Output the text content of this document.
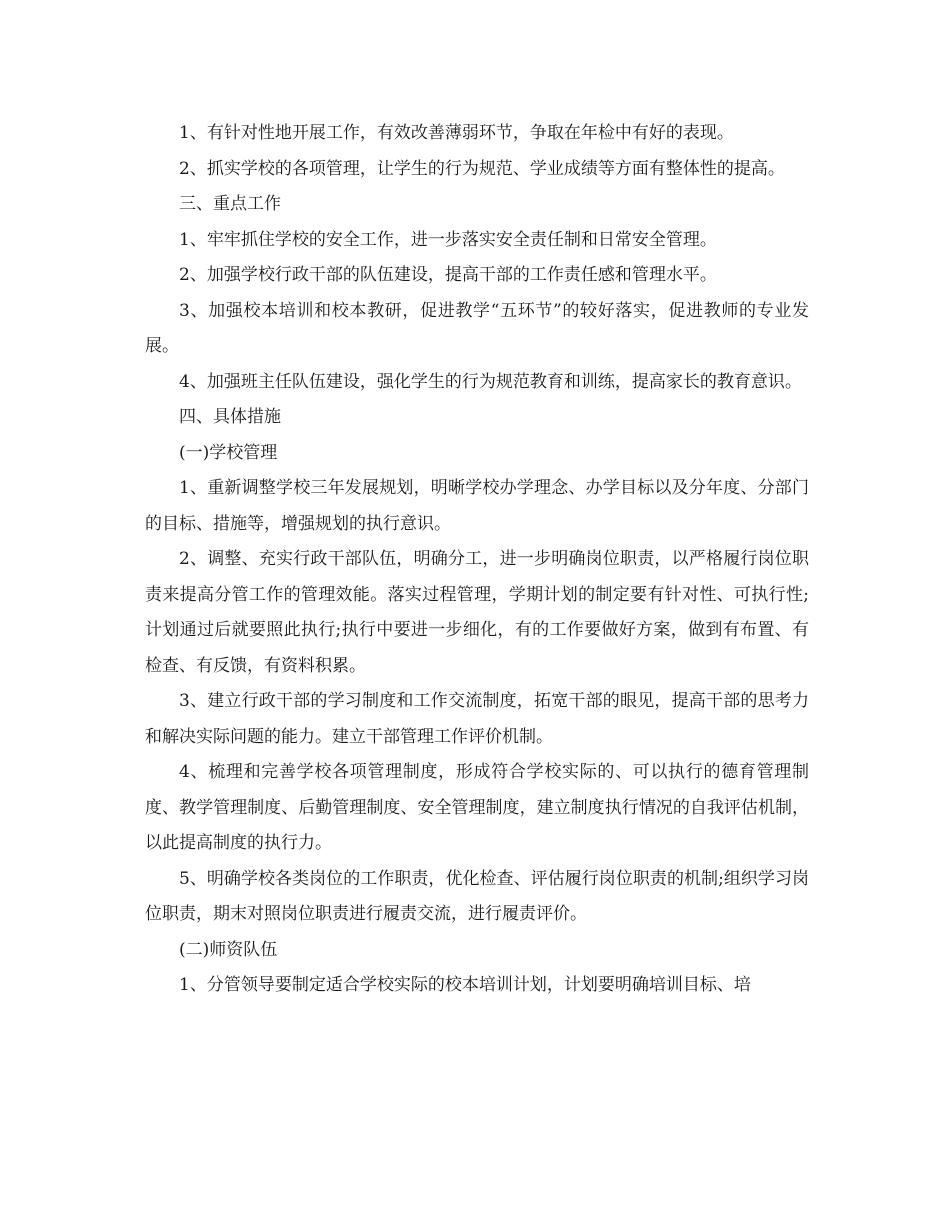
1、有针对性地开展工作，有效改善薄弱环节，争取在年检中有好的表现。

2、抓实学校的各项管理，让学生的行为规范、学业成绩等方面有整体性的提高。

三、重点工作

1、牢牢抓住学校的安全工作，进一步落实安全责任制和日常安全管理。

2、加强学校行政干部的队伍建设，提高干部的工作责任感和管理水平。

3、加强校本培训和校本教研，促进教学“五环节”的较好落实，促进教师的专业发展。

4、加强班主任队伍建设，强化学生的行为规范教育和训练，提高家长的教育意识。

四、具体措施

(一)学校管理

1、重新调整学校三年发展规划，明晰学校办学理念、办学目标以及分年度、分部门的目标、措施等，增强规划的执行意识。

2、调整、充实行政干部队伍，明确分工，进一步明确岗位职责，以严格履行岗位职责来提高分管工作的管理效能。落实过程管理，学期计划的制定要有针对性、可执行性;计划通过后就要照此执行;执行中要进一步细化，有的工作要做好方案，做到有布置、有检查、有反馈，有资料积累。

3、建立行政干部的学习制度和工作交流制度，拓宽干部的眼见，提高干部的思考力和解决实际问题的能力。建立干部管理工作评价机制。

4、梳理和完善学校各项管理制度，形成符合学校实际的、可以执行的德育管理制度、教学管理制度、后勤管理制度、安全管理制度，建立制度执行情况的自我评估机制，以此提高制度的执行力。

5、明确学校各类岗位的工作职责，优化检查、评估履行岗位职责的机制;组织学习岗位职责，期末对照岗位职责进行履责交流，进行履责评价。

(二)师资队伍

1、分管领导要制定适合学校实际的校本培训计划，计划要明确培训目标、培
